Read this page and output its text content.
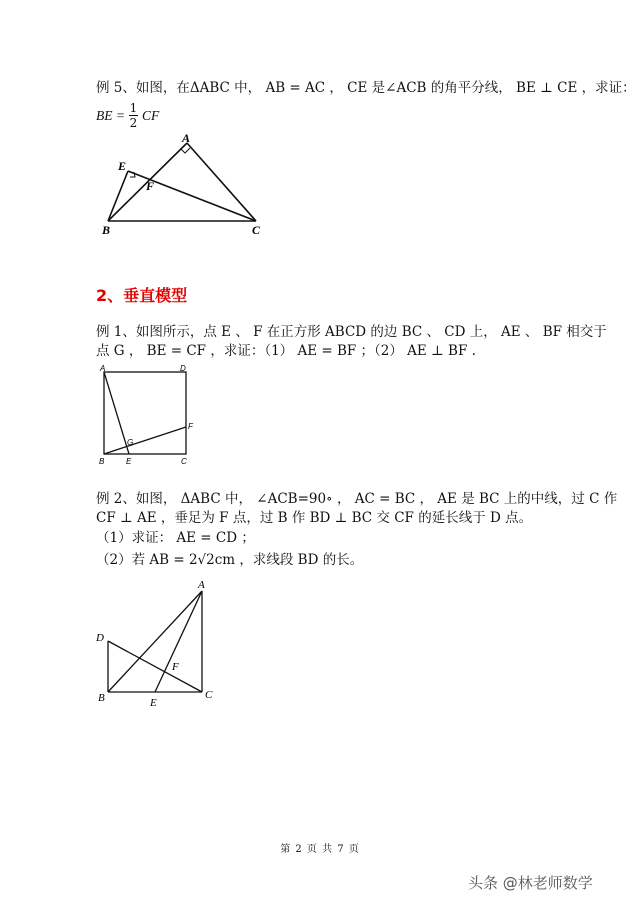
例 5、如图，在ΔABC 中， AB = AC ， CE 是∠ACB 的角平分线， BE ⊥ CE ，求证：
BE = 1
2
CF
A
B	C
E
F
2、垂直模型
例 1、如图所示，点 E 、 F 在正方形 ABCD 的边 BC 、 CD 上， AE 、 BF 相交于
点 G ， BE = CF ，求证：（1） AE = BF ；（2） AE ⊥ BF .
A	D
B	E	C
F
G
例 2、如图， ΔABC 中， ∠ACB=90∘ ， AC = BC ， AE 是 BC 上的中线，过 C 作
CF ⊥ AE ，垂足为 F 点，过 B 作 BD ⊥ BC 交 CF 的延长线于 D 点。
（1）求证： AE = CD ；
（2）若 AB = 2√2cm ，求线段 BD 的长。
A
D
B	E
C
F
第 2 页 共 7 页
头条 @林老师数学
